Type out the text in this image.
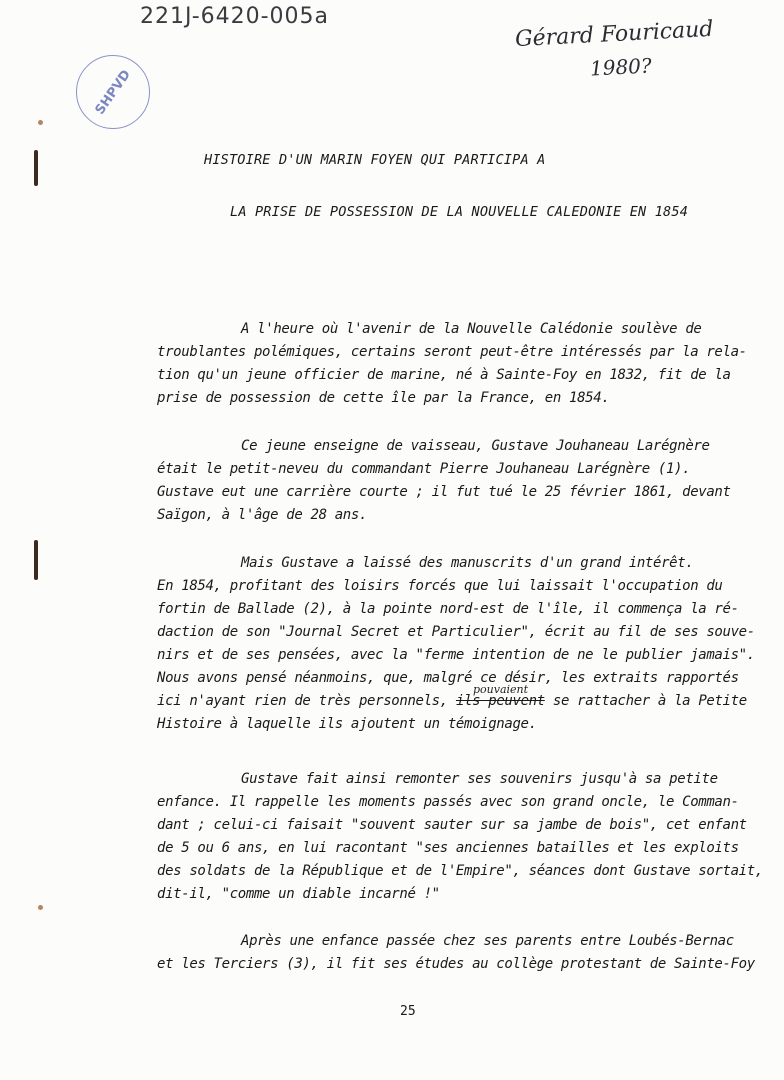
221J-6420-005a
Gérard Fouricaud
1980?
SHPVD
HISTOIRE D'UN MARIN FOYEN QUI PARTICIPA A
LA PRISE DE POSSESSION DE LA NOUVELLE CALEDONIE EN 1854
A l'heure où l'avenir de la Nouvelle Calédonie soulève de
troublantes polémiques, certains seront peut-être intéressés par la rela-
tion qu'un jeune officier de marine, né à Sainte-Foy en 1832, fit de la
prise de possession de cette île par la France, en 1854.
Ce jeune enseigne de vaisseau, Gustave Jouhaneau Larégnère
était le petit-neveu du commandant Pierre Jouhaneau Larégnère (1).
Gustave eut une carrière courte ; il fut tué le 25 février 1861, devant
Saïgon, à l'âge de 28 ans.
Mais Gustave a laissé des manuscrits d'un grand intérêt.
En 1854, profitant des loisirs forcés que lui laissait l'occupation du
fortin de Ballade (2), à la pointe nord-est de l'île, il commença la ré-
daction de son "Journal Secret et Particulier", écrit au fil de ses souve-
nirs et de ses pensées, avec la "ferme intention de ne le publier jamais".
Nous avons pensé néanmoins, que, malgré ce désir, les extraits rapportés
ici n'ayant rien de très personnels, ils peuvent se rattacher à la Petite
Histoire à laquelle ils ajoutent un témoignage.
pouvaient
Gustave fait ainsi remonter ses souvenirs jusqu'à sa petite
enfance. Il rappelle les moments passés avec son grand oncle, le Comman-
dant ; celui-ci faisait "souvent sauter sur sa jambe de bois", cet enfant
de 5 ou 6 ans, en lui racontant "ses anciennes batailles et les exploits
des soldats de la République et de l'Empire", séances dont Gustave sortait,
dit-il, "comme un diable incarné !"
Après une enfance passée chez ses parents entre Loubés-Bernac
et les Terciers (3), il fit ses études au collège protestant de Sainte-Foy
25
